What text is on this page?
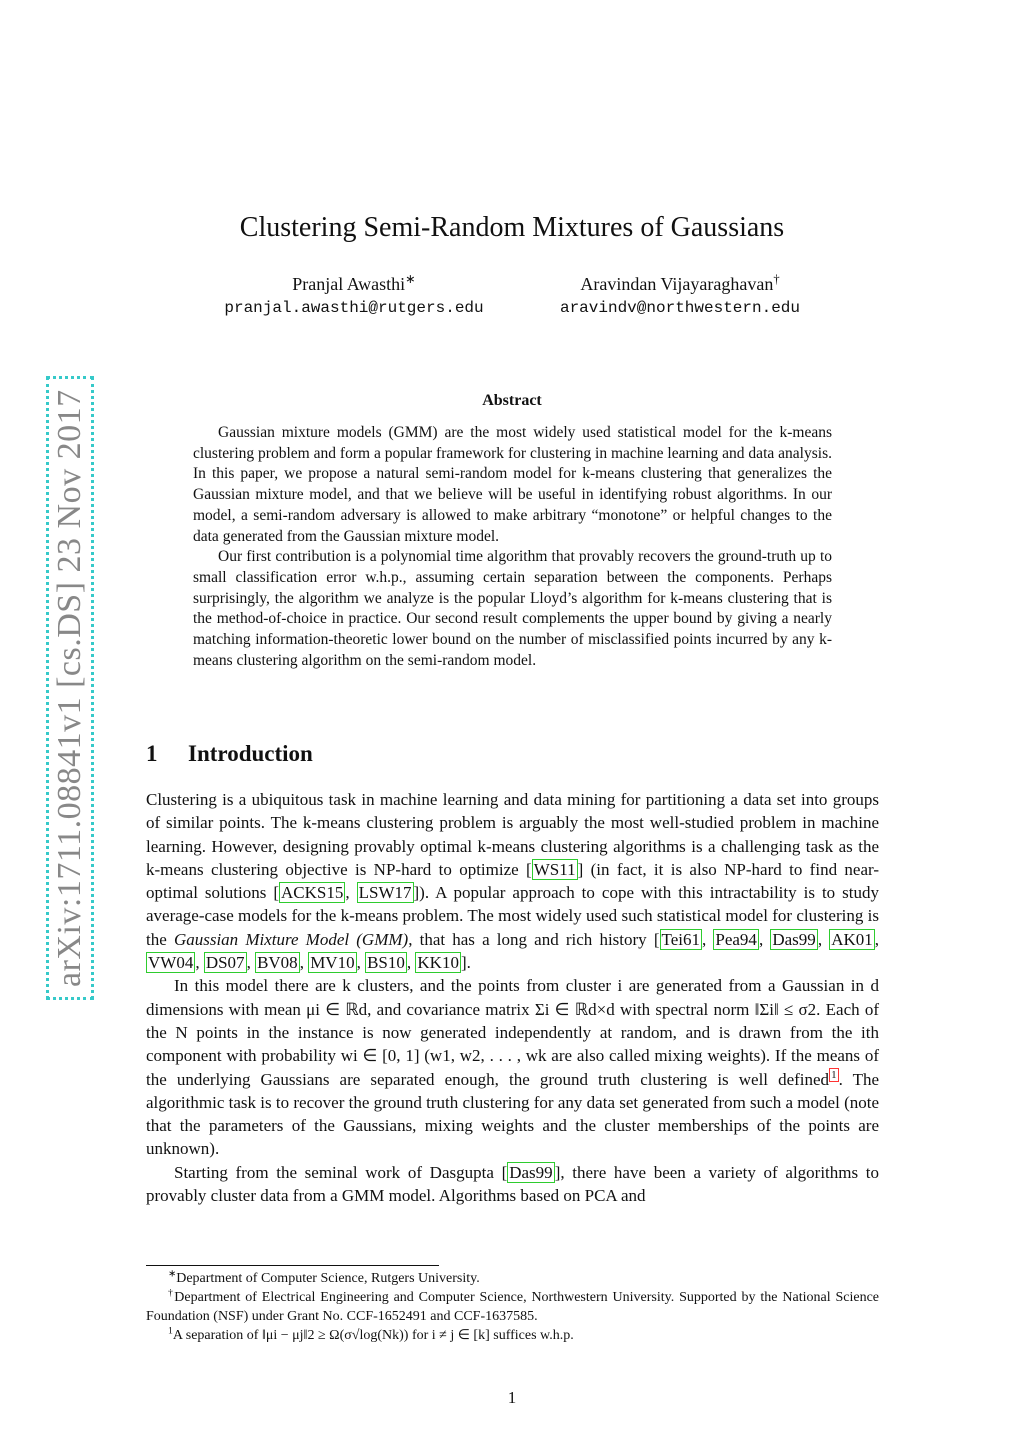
arXiv:1711.08841v1 [cs.DS] 23 Nov 2017
Clustering Semi-Random Mixtures of Gaussians
Pranjal Awasthi∗
pranjal.awasthi@rutgers.edu
Aravindan Vijayaraghavan†
aravindv@northwestern.edu
Abstract

Gaussian mixture models (GMM) are the most widely used statistical model for the k-means clustering problem and form a popular framework for clustering in machine learning and data analysis. In this paper, we propose a natural semi-random model for k-means clustering that generalizes the Gaussian mixture model, and that we believe will be useful in identifying robust algorithms. In our model, a semi-random adversary is allowed to make arbitrary “monotone” or helpful changes to the data generated from the Gaussian mixture model.

Our first contribution is a polynomial time algorithm that provably recovers the ground-truth up to small classification error w.h.p., assuming certain separation between the components. Perhaps surprisingly, the algorithm we analyze is the popular Lloyd’s algorithm for k-means clustering that is the method-of-choice in practice. Our second result complements the upper bound by giving a nearly matching information-theoretic lower bound on the number of misclassified points incurred by any k-means clustering algorithm on the semi-random model.

1 Introduction

Clustering is a ubiquitous task in machine learning and data mining for partitioning a data set into groups of similar points. The k-means clustering problem is arguably the most well-studied problem in machine learning. However, designing provably optimal k-means clustering algorithms is a challenging task as the k-means clustering objective is NP-hard to optimize [ WS11 ] (in fact, it is also NP-hard to find near-optimal solutions [ ACKS15 , LSW17 ]). A popular approach to cope with this intractability is to study average-case models for the k-means problem. The most widely used such statistical model for clustering is the Gaussian Mixture Model (GMM), that has a long and rich history [ Tei61 , Pea94 , Das99 , AK01 , VW04 , DS07 , BV08 , MV10 , BS10 , KK10 ].

In this model there are k clusters, and the points from cluster i are generated from a Gaussian in d dimensions with mean μi ∈ ℝd, and covariance matrix Σi ∈ ℝd×d with spectral norm ‖Σi‖ ≤ σ2. Each of the N points in the instance is now generated independently at random, and is drawn from the ith component with probability wi ∈ [0, 1] (w1, w2, . . . , wk are also called mixing weights). If the means of the underlying Gaussians are separated enough, the ground truth clustering is well defined $^1$ . The algorithmic task is to recover the ground truth clustering for any data set generated from such a model (note that the parameters of the Gaussians, mixing weights and the cluster memberships of the points are unknown).

Starting from the seminal work of Dasgupta [ Das99 ], there have been a variety of algorithms to provably cluster data from a GMM model. Algorithms based on PCA and

∗Department of Computer Science, Rutgers University.

†Department of Electrical Engineering and Computer Science, Northwestern University. Supported by the National Science Foundation (NSF) under Grant No. CCF-1652491 and CCF-1637585.

$^1$A separation of ‖μi − μj‖2 ≥ Ω(σ√log(Nk)) for i ≠ j ∈ [k] suffices w.h.p.

1
